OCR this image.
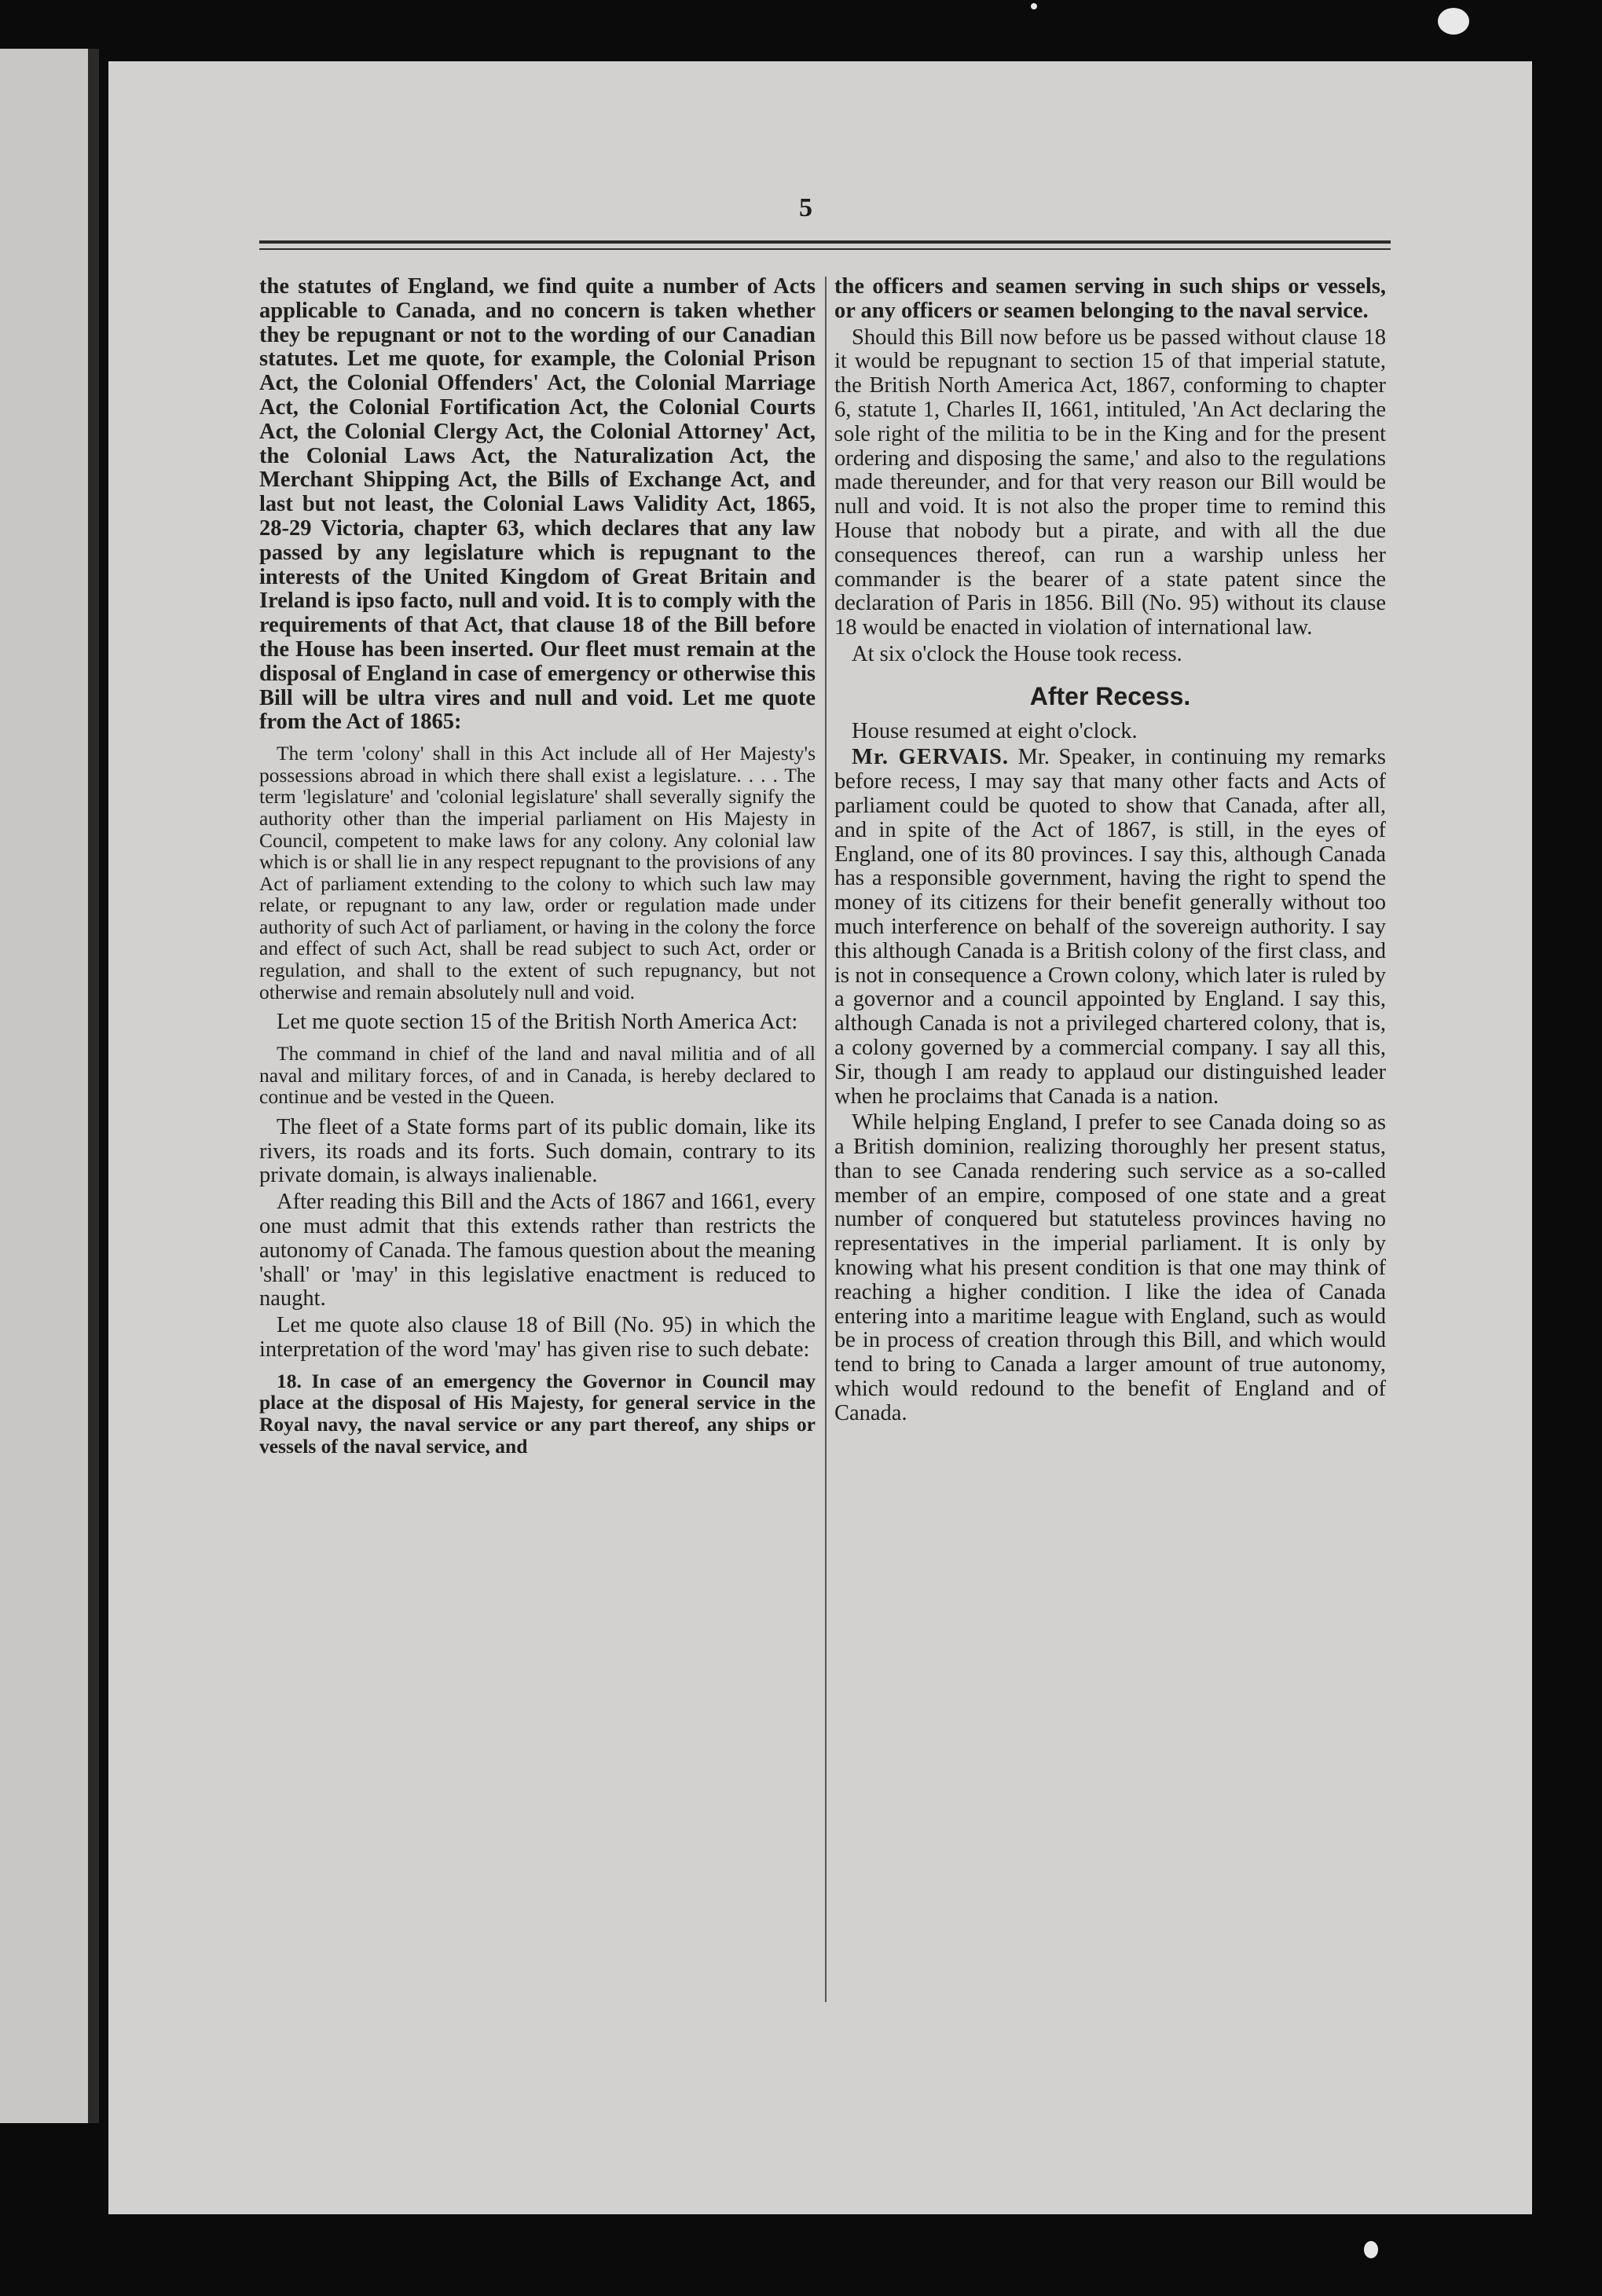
5

the statutes of England, we find quite a number of Acts applicable to Canada, and no concern is taken whether they be repugnant or not to the wording of our Canadian statutes. Let me quote, for example, the Colonial Prison Act, the Colonial Offenders' Act, the Colonial Marriage Act, the Colonial Fortification Act, the Colonial Courts Act, the Colonial Clergy Act, the Colonial Attorney' Act, the Colonial Laws Act, the Naturalization Act, the Merchant Shipping Act, the Bills of Exchange Act, and last but not least, the Colonial Laws Validity Act, 1865, 28-29 Victoria, chapter 63, which declares that any law passed by any legislature which is repugnant to the interests of the United Kingdom of Great Britain and Ireland is ipso facto, null and void. It is to comply with the requirements of that Act, that clause 18 of the Bill before the House has been inserted. Our fleet must remain at the disposal of England in case of emergency or otherwise this Bill will be ultra vires and null and void. Let me quote from the Act of 1865:

The term 'colony' shall in this Act include all of Her Majesty's possessions abroad in which there shall exist a legislature. . . . The term 'legislature' and 'colonial legislature' shall severally signify the authority other than the imperial parliament on His Majesty in Council, competent to make laws for any colony. Any colonial law which is or shall lie in any respect repugnant to the provisions of any Act of parliament extending to the colony to which such law may relate, or repugnant to any law, order or regulation made under authority of such Act of parliament, or having in the colony the force and effect of such Act, shall be read subject to such Act, order or regulation, and shall to the extent of such repugnancy, but not otherwise and remain absolutely null and void.

Let me quote section 15 of the British North America Act:

The command in chief of the land and naval militia and of all naval and military forces, of and in Canada, is hereby declared to continue and be vested in the Queen.

The fleet of a State forms part of its public domain, like its rivers, its roads and its forts. Such domain, contrary to its private domain, is always inalienable.

After reading this Bill and the Acts of 1867 and 1661, every one must admit that this extends rather than restricts the autonomy of Canada. The famous question about the meaning 'shall' or 'may' in this legislative enactment is reduced to naught.

Let me quote also clause 18 of Bill (No. 95) in which the interpretation of the word 'may' has given rise to such debate:

18. In case of an emergency the Governor in Council may place at the disposal of His Majesty, for general service in the Royal navy, the naval service or any part thereof, any ships or vessels of the naval service, and

the officers and seamen serving in such ships or vessels, or any officers or seamen belonging to the naval service.

Should this Bill now before us be passed without clause 18 it would be repugnant to section 15 of that imperial statute, the British North America Act, 1867, conforming to chapter 6, statute 1, Charles II, 1661, intituled, 'An Act declaring the sole right of the militia to be in the King and for the present ordering and disposing the same,' and also to the regulations made thereunder, and for that very reason our Bill would be null and void. It is not also the proper time to remind this House that nobody but a pirate, and with all the due consequences thereof, can run a warship unless her commander is the bearer of a state patent since the declaration of Paris in 1856. Bill (No. 95) without its clause 18 would be enacted in violation of international law.

At six o'clock the House took recess.

After Recess.

House resumed at eight o'clock.

Mr. GERVAIS. Mr. Speaker, in continuing my remarks before recess, I may say that many other facts and Acts of parliament could be quoted to show that Canada, after all, and in spite of the Act of 1867, is still, in the eyes of England, one of its 80 provinces. I say this, although Canada has a responsible government, having the right to spend the money of its citizens for their benefit generally without too much interference on behalf of the sovereign authority. I say this although Canada is a British colony of the first class, and is not in consequence a Crown colony, which later is ruled by a governor and a council appointed by England. I say this, although Canada is not a privileged chartered colony, that is, a colony governed by a commercial company. I say all this, Sir, though I am ready to applaud our distinguished leader when he proclaims that Canada is a nation.

While helping England, I prefer to see Canada doing so as a British dominion, realizing thoroughly her present status, than to see Canada rendering such service as a so-called member of an empire, composed of one state and a great number of conquered but statuteless provinces having no representatives in the imperial parliament. It is only by knowing what his present condition is that one may think of reaching a higher condition. I like the idea of Canada entering into a maritime league with England, such as would be in process of creation through this Bill, and which would tend to bring to Canada a larger amount of true autonomy, which would redound to the benefit of England and of Canada.
